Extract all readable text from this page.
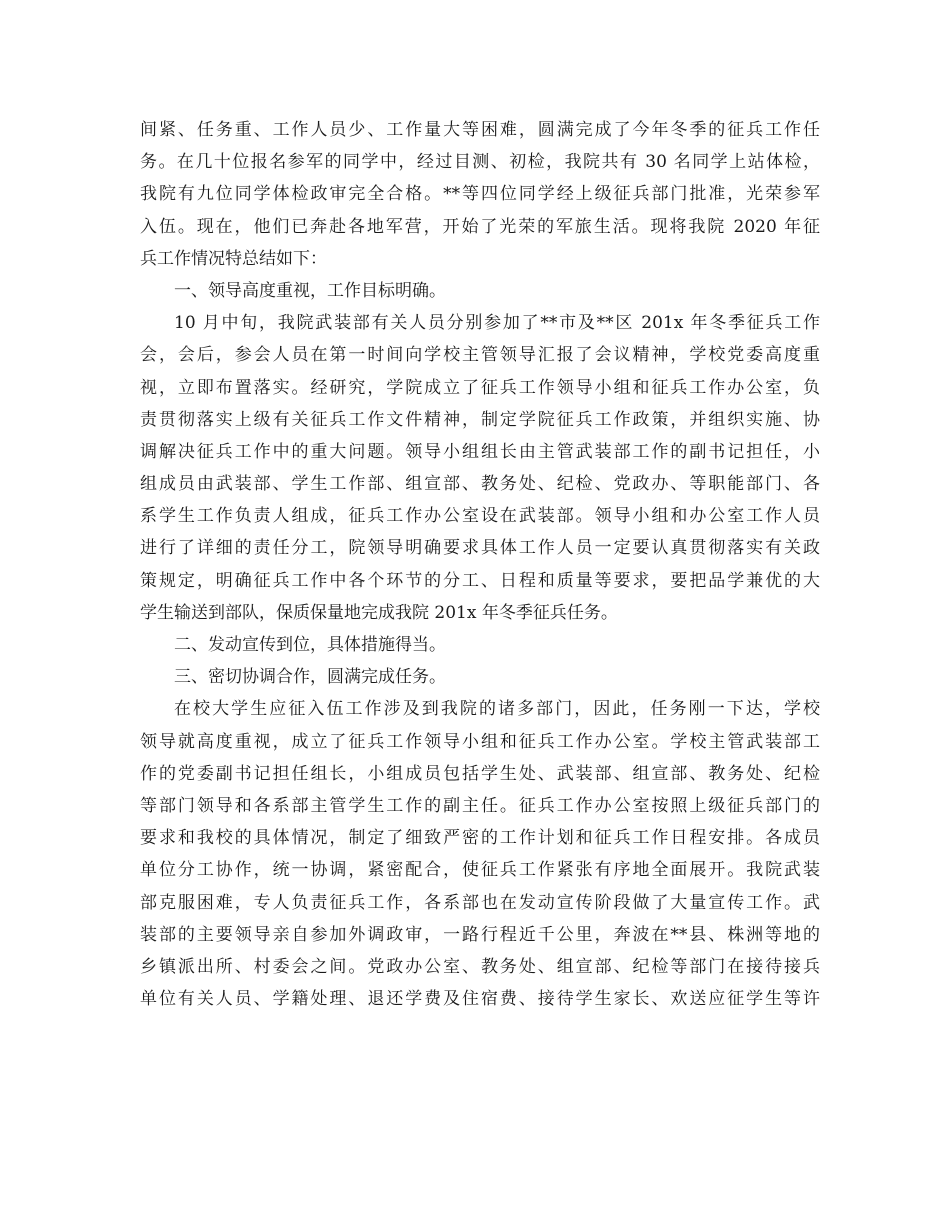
间紧、任务重、工作人员少、工作量大等困难，圆满完成了今年冬季的征兵工作任
务。在几十位报名参军的同学中，经过目测、初检，我院共有 30 名同学上站体检，
我院有九位同学体检政审完全合格。**等四位同学经上级征兵部门批准，光荣参军
入伍。现在，他们已奔赴各地军营，开始了光荣的军旅生活。现将我院 2020 年征
兵工作情况特总结如下：
一、领导高度重视，工作目标明确。
10 月中旬，我院武装部有关人员分别参加了**市及**区 201x 年冬季征兵工作
会，会后，参会人员在第一时间向学校主管领导汇报了会议精神，学校党委高度重
视，立即布置落实。经研究，学院成立了征兵工作领导小组和征兵工作办公室，负
责贯彻落实上级有关征兵工作文件精神，制定学院征兵工作政策，并组织实施、协
调解决征兵工作中的重大问题。领导小组组长由主管武装部工作的副书记担任，小
组成员由武装部、学生工作部、组宣部、教务处、纪检、党政办、等职能部门、各
系学生工作负责人组成，征兵工作办公室设在武装部。领导小组和办公室工作人员
进行了详细的责任分工，院领导明确要求具体工作人员一定要认真贯彻落实有关政
策规定，明确征兵工作中各个环节的分工、日程和质量等要求，要把品学兼优的大
学生输送到部队，保质保量地完成我院 201x 年冬季征兵任务。
二、发动宣传到位，具体措施得当。
三、密切协调合作，圆满完成任务。
在校大学生应征入伍工作涉及到我院的诸多部门，因此，任务刚一下达，学校
领导就高度重视，成立了征兵工作领导小组和征兵工作办公室。学校主管武装部工
作的党委副书记担任组长，小组成员包括学生处、武装部、组宣部、教务处、纪检
等部门领导和各系部主管学生工作的副主任。征兵工作办公室按照上级征兵部门的
要求和我校的具体情况，制定了细致严密的工作计划和征兵工作日程安排。各成员
单位分工协作，统一协调，紧密配合，使征兵工作紧张有序地全面展开。我院武装
部克服困难，专人负责征兵工作，各系部也在发动宣传阶段做了大量宣传工作。武
装部的主要领导亲自参加外调政审，一路行程近千公里，奔波在**县、株洲等地的
乡镇派出所、村委会之间。党政办公室、教务处、组宣部、纪检等部门在接待接兵
单位有关人员、学籍处理、退还学费及住宿费、接待学生家长、欢送应征学生等许
